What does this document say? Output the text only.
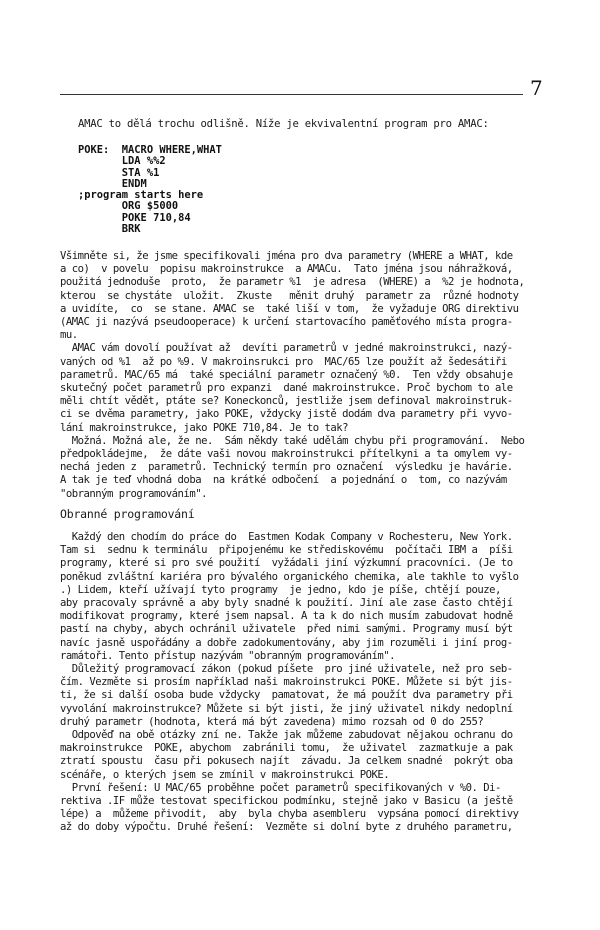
7
AMAC to dělá trochu odlišně. Níže je ekvivalentní program pro AMAC:
POKE:  MACRO WHERE,WHAT
LDA %%2
STA %1
ENDM
;program starts here
ORG $5000
POKE 710,84
BRK
Všimněte si, že jsme specifikovali jména pro dva parametry (WHERE a WHAT, kde
a co)  v povelu  popisu makroinstrukce  a AMACu.  Tato jména jsou náhražková,
použitá jednoduše  proto,  že parametr %1  je adresa  (WHERE) a  %2 je hodnota,
kterou  se chystáte  uložit.  Zkuste   měnit druhý  parametr za  různé hodnoty
a uvidíte,  co  se stane. AMAC se  také liší v tom,  že vyžaduje ORG direktivu
(AMAC ji nazývá pseudooperace) k určení startovacího paměťového místa progra-
mu.
AMAC vám dovolí používat až  devíti parametrů v jedné makroinstrukci, nazý-
vaných od %1  až po %9. V makroinsrukci pro  MAC/65 lze použít až šedesátiři
parametrů. MAC/65 má  také speciální parametr označený %0.  Ten vždy obsahuje
skutečný počet parametrů pro expanzi  dané makroinstrukce. Proč bychom to ale
měli chtít vědět, ptáte se? Koneckonců, jestliže jsem definoval makroinstruk-
ci se dvěma parametry, jako POKE, vždycky jistě dodám dva parametry při vyvo-
lání makroinstrukce, jako POKE 710,84. Je to tak?
Možná. Možná ale, že ne.  Sám někdy také udělám chybu při programování.  Nebo
předpokládejme,  že dáte vaši novou makroinstrukci přítelkyni a ta omylem vy-
nechá jeden z  parametrů. Technický termín pro označení  výsledku je havárie.
A tak je teď vhodná doba  na krátké odbočení  a pojednání o  tom, co nazývám
"obranným programováním".
Obranné programování
Každý den chodím do práce do  Eastmen Kodak Company v Rochesteru, New York.
Tam si  sednu k terminálu  připojenému ke střediskovému  počítači IBM a  píši
programy, které si pro své použití  vyžádali jiní výzkumní pracovníci. (Je to
poněkud zvláštní kariéra pro bývalého organického chemika, ale takhle to vyšlo
.) Lidem, kteří užívají tyto programy  je jedno, kdo je píše, chtějí pouze,
aby pracovaly správně a aby byly snadné k použití. Jiní ale zase často chtějí
modifikovat programy, které jsem napsal. A ta k do nich musím zabudovat hodně
pastí na chyby, abych ochránil uživatele  před nimi samými. Programy musí být
navíc jasně uspořádány a dobře zadokumentovány, aby jim rozuměli i jiní prog-
ramátoři. Tento přístup nazývám "obranným programováním".
Důležitý programovací zákon (pokud píšete  pro jiné uživatele, než pro seb-
čím. Vezměte si prosím například naši makroinstrukci POKE. Můžete si být jis-
ti, že si další osoba bude vždycky  pamatovat, že má použít dva parametry při
vyvolání makroinstrukce? Můžete si být jisti, že jiný uživatel nikdy nedoplní
druhý parametr (hodnota, která má být zavedena) mimo rozsah od 0 do 255?
Odpověď na obě otázky zní ne. Takže jak můžeme zabudovat nějakou ochranu do
makroinstrukce  POKE, abychom  zabránili tomu,  že uživatel  zazmatkuje a pak
ztratí spoustu  času při pokusech najít  závadu. Ja celkem snadné  pokrýt oba
scénáře, o kterých jsem se zmínil v makroinstrukci POKE.
První řešení: U MAC/65 proběhne počet parametrů specifikovaných v %0. Di-
rektiva .IF může testovat specifickou podmínku, stejně jako v Basicu (a ještě
lépe) a  můžeme přivodit,  aby  byla chyba asembleru  vypsána pomocí direktivy
až do doby výpočtu. Druhé řešení:  Vezměte si dolní byte z druhého parametru,
